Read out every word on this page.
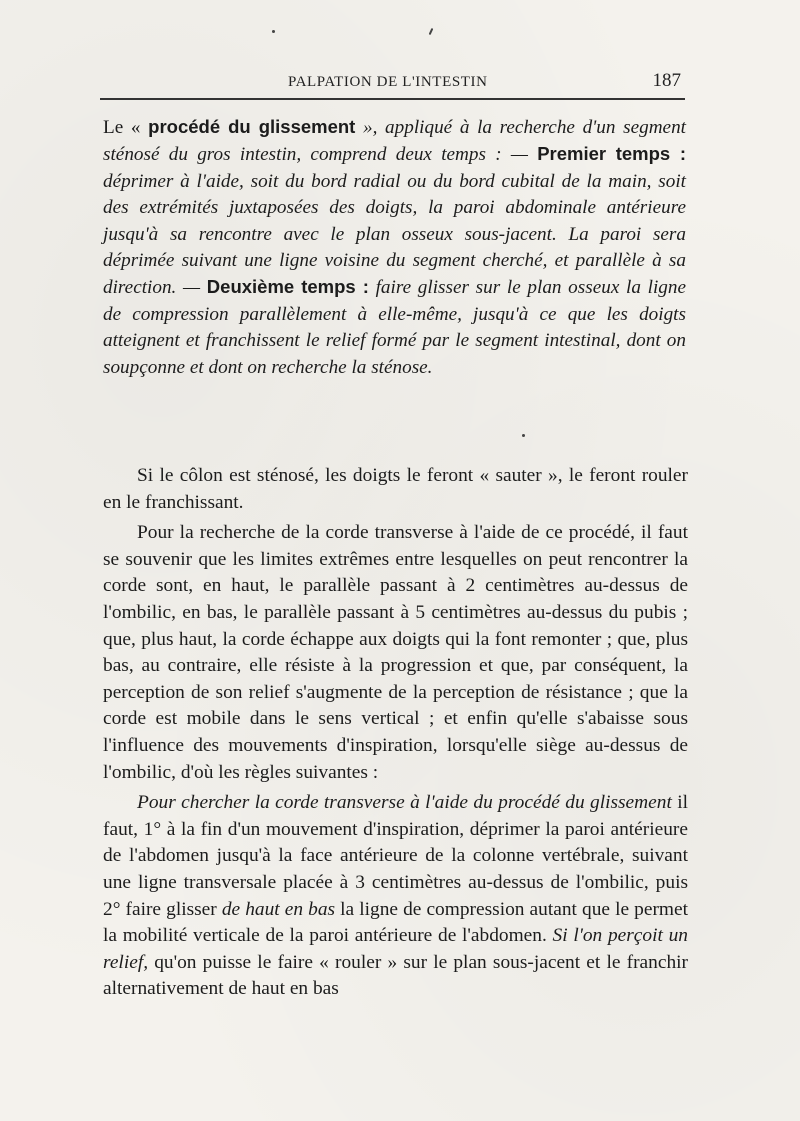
PALPATION DE L'INTESTIN	187
Le « procédé du glissement », appliqué à la recherche d'un segment sténosé du gros intestin, comprend deux temps : — Premier temps : déprimer à l'aide, soit du bord radial ou du bord cubital de la main, soit des extrémités juxtaposées des doigts, la paroi abdominale antérieure jusqu'à sa rencontre avec le plan osseux sous-jacent. La paroi sera déprimée suivant une ligne voisine du segment cherché, et parallèle à sa direction. — Deuxième temps : faire glisser sur le plan osseux la ligne de compression parallèlement à elle-même, jusqu'à ce que les doigts atteignent et franchissent le relief formé par le segment intestinal, dont on soupçonne et dont on recherche la sténose.

Si le côlon est sténosé, les doigts le feront « sauter », le feront rouler en le franchissant.

Pour la recherche de la corde transverse à l'aide de ce procédé, il faut se souvenir que les limites extrêmes entre lesquelles on peut rencontrer la corde sont, en haut, le parallèle passant à 2 centimètres au-dessus de l'ombilic, en bas, le parallèle passant à 5 centimètres au-dessus du pubis ; que, plus haut, la corde échappe aux doigts qui la font remonter ; que, plus bas, au contraire, elle résiste à la progression et que, par conséquent, la perception de son relief s'augmente de la perception de résistance ; que la corde est mobile dans le sens vertical ; et enfin qu'elle s'abaisse sous l'influence des mouvements d'inspiration, lorsqu'elle siège au-dessus de l'ombilic, d'où les règles suivantes :

Pour chercher la corde transverse à l'aide du procédé du glissement il faut, 1° à la fin d'un mouvement d'inspiration, déprimer la paroi antérieure de l'abdomen jusqu'à la face antérieure de la colonne vertébrale, suivant une ligne transversale placée à 3 centimètres au-dessus de l'ombilic, puis 2° faire glisser de haut en bas la ligne de compression autant que le permet la mobilité verticale de la paroi antérieure de l'abdomen. Si l'on perçoit un relief, qu'on puisse le faire « rouler » sur le plan sous-jacent et le franchir alternativement de haut en bas
